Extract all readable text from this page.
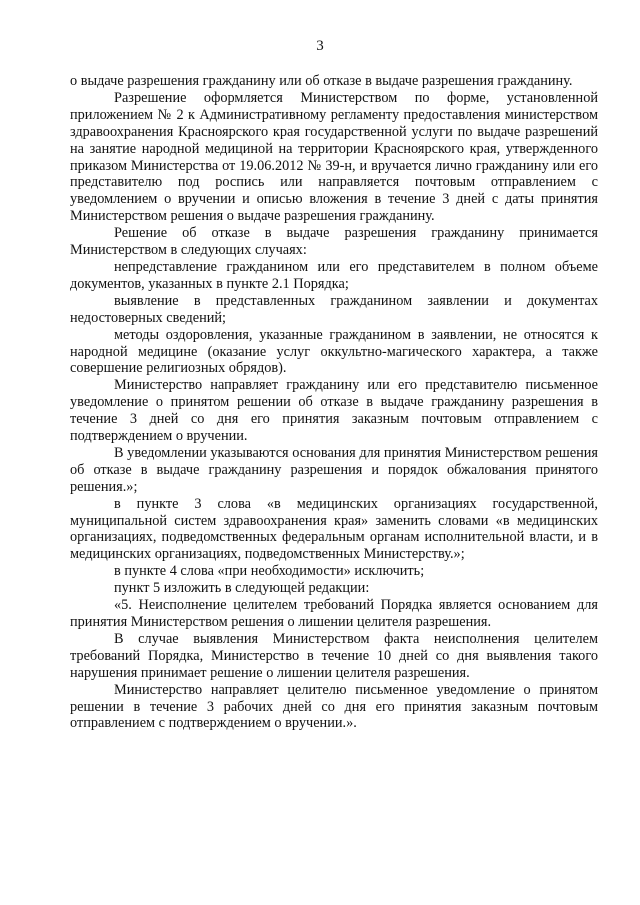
3

о выдаче разрешения гражданину или об отказе в выдаче разрешения гражданину.

Разрешение оформляется Министерством по форме, установленной приложением № 2 к Административному регламенту предоставления министерством здравоохранения Красноярского края государственной услуги по выдаче разрешений на занятие народной медициной на территории Красноярского края, утвержденного приказом Министерства от 19.06.2012 № 39-н, и вручается лично гражданину или его представителю под роспись или направляется почтовым отправлением с уведомлением о вручении и описью вложения в течение 3 дней с даты принятия Министерством решения о выдаче разрешения гражданину.

Решение об отказе в выдаче разрешения гражданину принимается Министерством в следующих случаях:

непредставление гражданином или его представителем в полном объеме документов, указанных в пункте 2.1 Порядка;

выявление в представленных гражданином заявлении и документах недостоверных сведений;

методы оздоровления, указанные гражданином в заявлении, не относятся к народной медицине (оказание услуг оккультно-магического характера, а также совершение религиозных обрядов).

Министерство направляет гражданину или его представителю письменное уведомление о принятом решении об отказе в выдаче гражданину разрешения в течение 3 дней со дня его принятия заказным почтовым отправлением с подтверждением о вручении.

В уведомлении указываются основания для принятия Министерством решения об отказе в выдаче гражданину разрешения и порядок обжалования принятого решения.»;

в пункте 3 слова «в медицинских организациях государственной, муниципальной систем здравоохранения края» заменить словами «в медицинских организациях, подведомственных федеральным органам исполнительной власти, и в медицинских организациях, подведомственных Министерству.»;

в пункте 4 слова «при необходимости» исключить;

пункт 5 изложить в следующей редакции:

«5. Неисполнение целителем требований Порядка является основанием для принятия Министерством решения о лишении целителя разрешения.

В случае выявления Министерством факта неисполнения целителем требований Порядка, Министерство в течение 10 дней со дня выявления такого нарушения принимает решение о лишении целителя разрешения.

Министерство направляет целителю письменное уведомление о принятом решении в течение 3 рабочих дней со дня его принятия заказным почтовым отправлением с подтверждением о вручении.».
